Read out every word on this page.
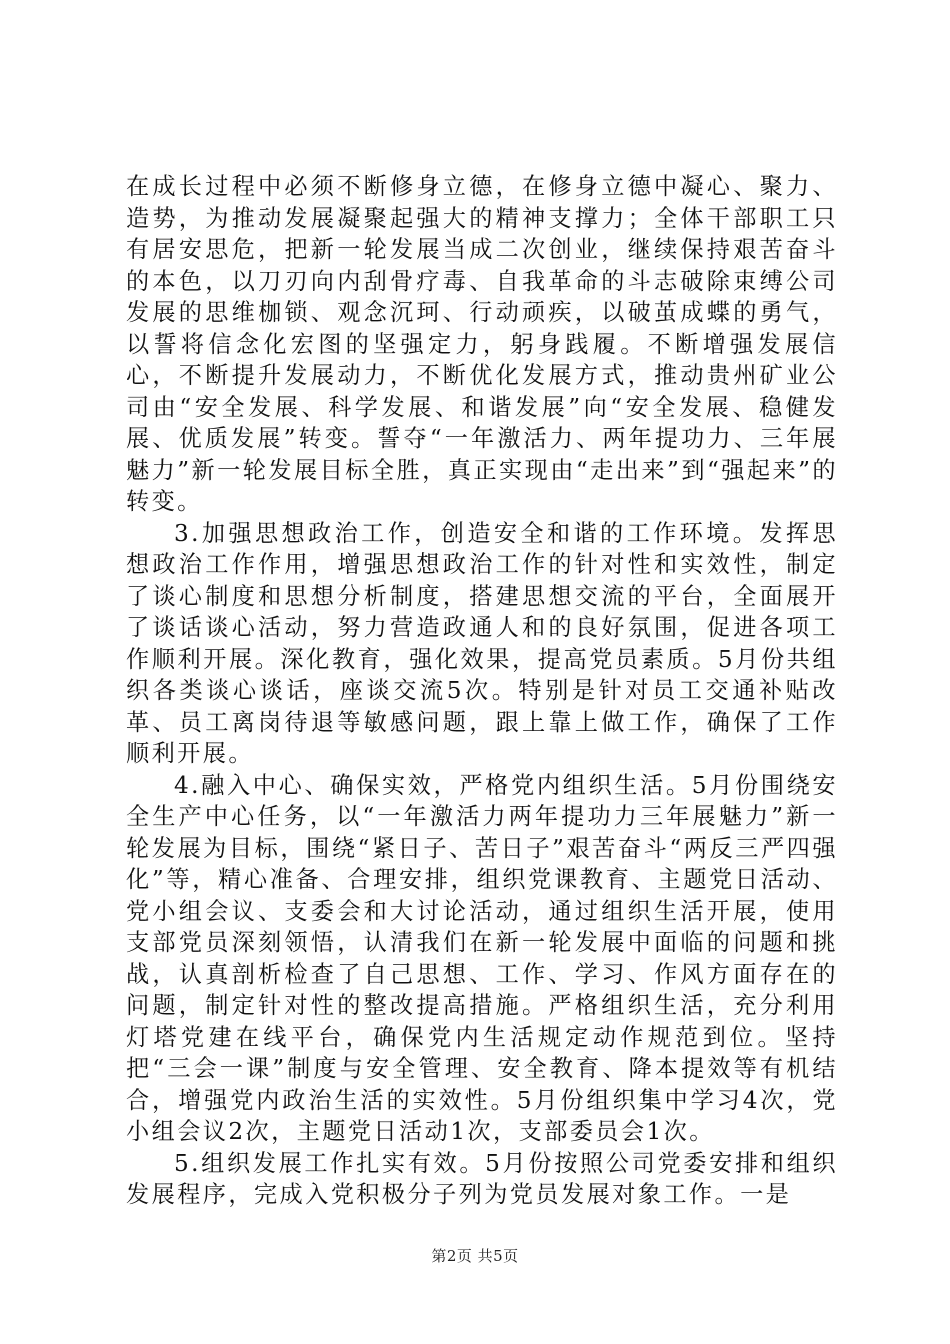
在成长过程中必须不断修身立德，在修身立德中凝心、聚力、造势，为推动发展凝聚起强大的精神支撑力；全体干部职工只有居安思危，把新一轮发展当成二次创业，继续保持艰苦奋斗的本色，以刀刃向内刮骨疗毒、自我革命的斗志破除束缚公司发展的思维枷锁、观念沉珂、行动顽疾，以破茧成蝶的勇气，以誓将信念化宏图的坚强定力，躬身践履。不断增强发展信心，不断提升发展动力，不断优化发展方式，推动贵州矿业公司由“安全发展、科学发展、和谐发展”向“安全发展、稳健发展、优质发展”转变。誓夺“一年激活力、两年提功力、三年展魅力”新一轮发展目标全胜，真正实现由“走出来”到“强起来”的转变。

3.加强思想政治工作，创造安全和谐的工作环境。发挥思想政治工作作用，增强思想政治工作的针对性和实效性，制定了谈心制度和思想分析制度，搭建思想交流的平台，全面展开了谈话谈心活动，努力营造政通人和的良好氛围，促进各项工作顺利开展。深化教育，强化效果，提高党员素质。5月份共组织各类谈心谈话，座谈交流5次。特别是针对员工交通补贴改革、员工离岗待退等敏感问题，跟上靠上做工作，确保了工作顺利开展。

4.融入中心、确保实效，严格党内组织生活。5月份围绕安全生产中心任务，以“一年激活力两年提功力三年展魅力”新一轮发展为目标，围绕“紧日子、苦日子”艰苦奋斗“两反三严四强化”等，精心准备、合理安排，组织党课教育、主题党日活动、党小组会议、支委会和大讨论活动，通过组织生活开展，使用支部党员深刻领悟，认清我们在新一轮发展中面临的问题和挑战，认真剖析检查了自己思想、工作、学习、作风方面存在的问题，制定针对性的整改提高措施。严格组织生活，充分利用灯塔党建在线平台，确保党内生活规定动作规范到位。坚持把“三会一课”制度与安全管理、安全教育、降本提效等有机结合，增强党内政治生活的实效性。5月份组织集中学习4次，党小组会议2次，主题党日活动1次，支部委员会1次。

5.组织发展工作扎实有效。5月份按照公司党委安排和组织发展程序，完成入党积极分子列为党员发展对象工作。一是

第2页 共5页
